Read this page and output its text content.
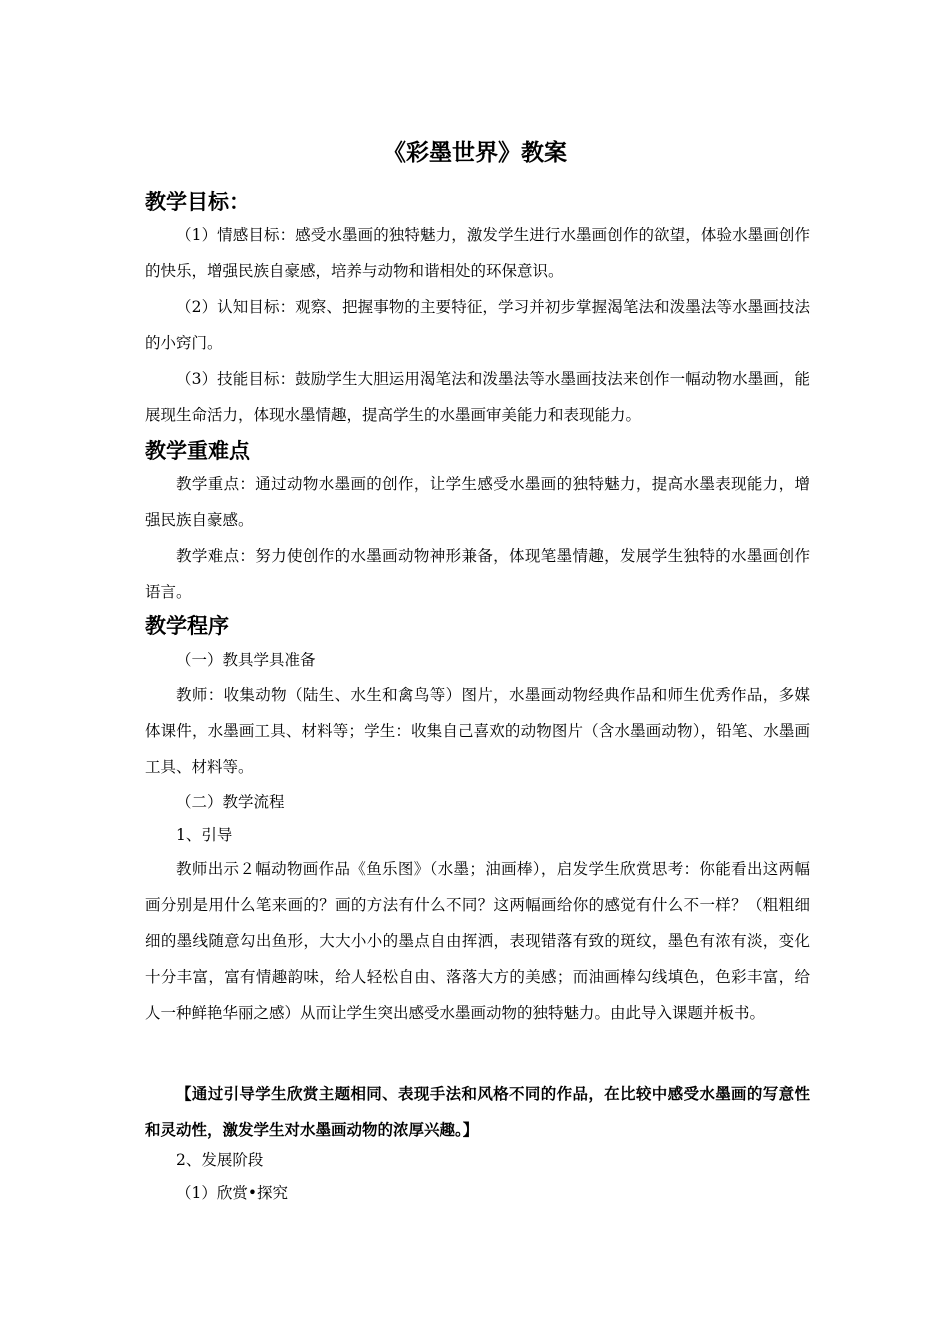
《彩墨世界》教案
教学目标：
（1）情感目标：感受水墨画的独特魅力，激发学生进行水墨画创作的欲望，体验水墨画创作的快乐，增强民族自豪感，培养与动物和谐相处的环保意识。
（2）认知目标：观察、把握事物的主要特征，学习并初步掌握渴笔法和泼墨法等水墨画技法的小窍门。
（3）技能目标：鼓励学生大胆运用渴笔法和泼墨法等水墨画技法来创作一幅动物水墨画，能展现生命活力，体现水墨情趣，提高学生的水墨画审美能力和表现能力。
教学重难点
教学重点：通过动物水墨画的创作，让学生感受水墨画的独特魅力，提高水墨表现能力，增强民族自豪感。
教学难点：努力使创作的水墨画动物神形兼备，体现笔墨情趣，发展学生独特的水墨画创作语言。
教学程序
（一）教具学具准备
教师：收集动物（陆生、水生和禽鸟等）图片，水墨画动物经典作品和师生优秀作品，多媒体课件，水墨画工具、材料等；学生：收集自己喜欢的动物图片（含水墨画动物），铅笔、水墨画工具、材料等。
（二）教学流程
1、引导
教师出示２幅动物画作品《鱼乐图》（水墨；油画棒），启发学生欣赏思考：你能看出这两幅画分别是用什么笔来画的？画的方法有什么不同？这两幅画给你的感觉有什么不一样？（粗粗细细的墨线随意勾出鱼形，大大小小的墨点自由挥洒，表现错落有致的斑纹，墨色有浓有淡，变化十分丰富，富有情趣韵味，给人轻松自由、落落大方的美感；而油画棒勾线填色，色彩丰富，给人一种鲜艳华丽之感）从而让学生突出感受水墨画动物的独特魅力。由此导入课题并板书。
【通过引导学生欣赏主题相同、表现手法和风格不同的作品，在比较中感受水墨画的写意性和灵动性，激发学生对水墨画动物的浓厚兴趣。】
2、发展阶段
（1）欣赏•探究
